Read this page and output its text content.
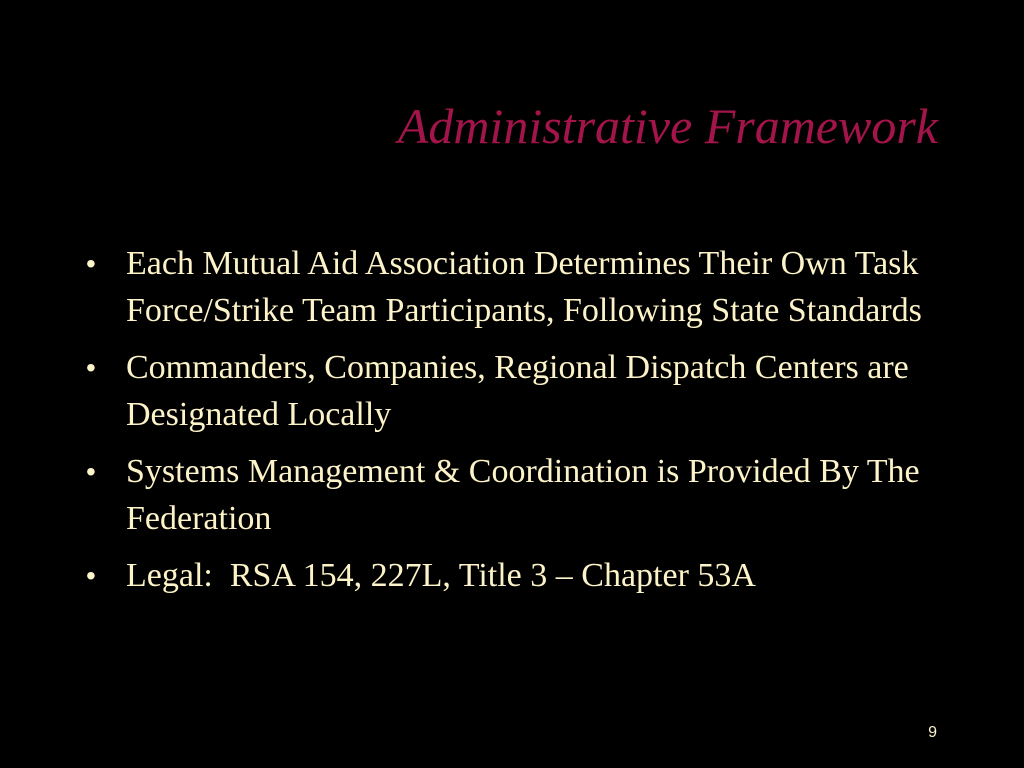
Administrative Framework
• Each Mutual Aid Association Determines Their Own Task Force/Strike Team Participants, Following State Standards
• Commanders, Companies, Regional Dispatch Centers are Designated Locally
• Systems Management & Coordination is Provided By The Federation
• Legal:  RSA 154, 227L, Title 3 – Chapter 53A
9
